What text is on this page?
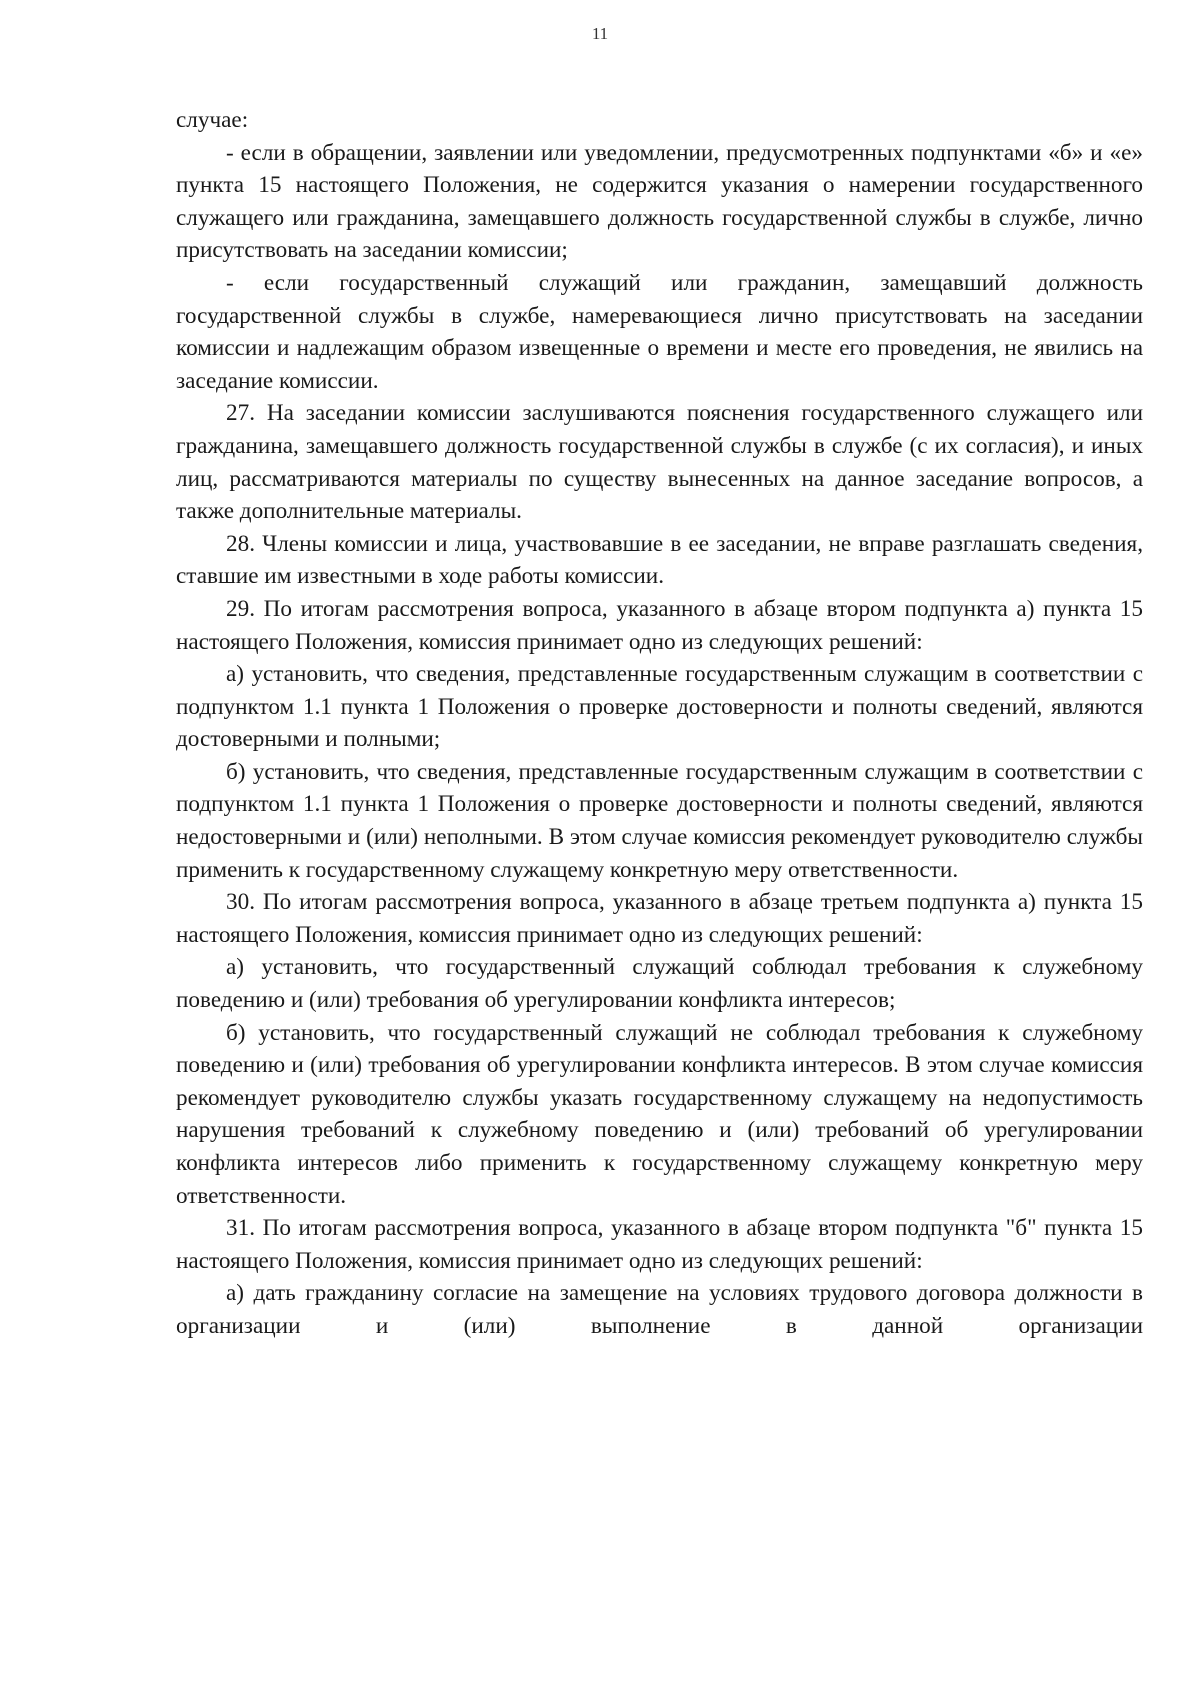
11

случае:

- если в обращении, заявлении или уведомлении, предусмотренных подпунктами «б» и «е» пункта 15 настоящего Положения, не содержится указания о намерении государственного служащего или гражданина, замещавшего должность государственной службы в службе, лично присутствовать на заседании комиссии;

- если государственный служащий или гражданин, замещавший должность государственной службы в службе, намеревающиеся лично присутствовать на заседании комиссии и надлежащим образом извещенные о времени и месте его проведения, не явились на заседание комиссии.

27. На заседании комиссии заслушиваются пояснения государственного служащего или гражданина, замещавшего должность государственной службы в службе (с их согласия), и иных лиц, рассматриваются материалы по существу вынесенных на данное заседание вопросов, а также дополнительные материалы.

28. Члены комиссии и лица, участвовавшие в ее заседании, не вправе разглашать сведения, ставшие им известными в ходе работы комиссии.

29. По итогам рассмотрения вопроса, указанного в абзаце втором подпункта а) пункта 15 настоящего Положения, комиссия принимает одно из следующих решений:

а) установить, что сведения, представленные государственным служащим в соответствии с подпунктом 1.1 пункта 1 Положения о проверке достоверности и полноты сведений, являются достоверными и полными;

б) установить, что сведения, представленные государственным служащим в соответствии с подпунктом 1.1 пункта 1 Положения о проверке достоверности и полноты сведений, являются недостоверными и (или) неполными. В этом случае комиссия рекомендует руководителю службы применить к государственному служащему конкретную меру ответственности.

30. По итогам рассмотрения вопроса, указанного в абзаце третьем подпункта а) пункта 15 настоящего Положения, комиссия принимает одно из следующих решений:

а) установить, что государственный служащий соблюдал требования к служебному поведению и (или) требования об урегулировании конфликта интересов;

б) установить, что государственный служащий не соблюдал требования к служебному поведению и (или) требования об урегулировании конфликта интересов. В этом случае комиссия рекомендует руководителю службы указать государственному служащему на недопустимость нарушения требований к служебному поведению и (или) требований об урегулировании конфликта интересов либо применить к государственному служащему конкретную меру ответственности.

31. По итогам рассмотрения вопроса, указанного в абзаце втором подпункта "б" пункта 15 настоящего Положения, комиссия принимает одно из следующих решений:

а) дать гражданину согласие на замещение на условиях трудового договора должности в организации и (или) выполнение в данной организации
